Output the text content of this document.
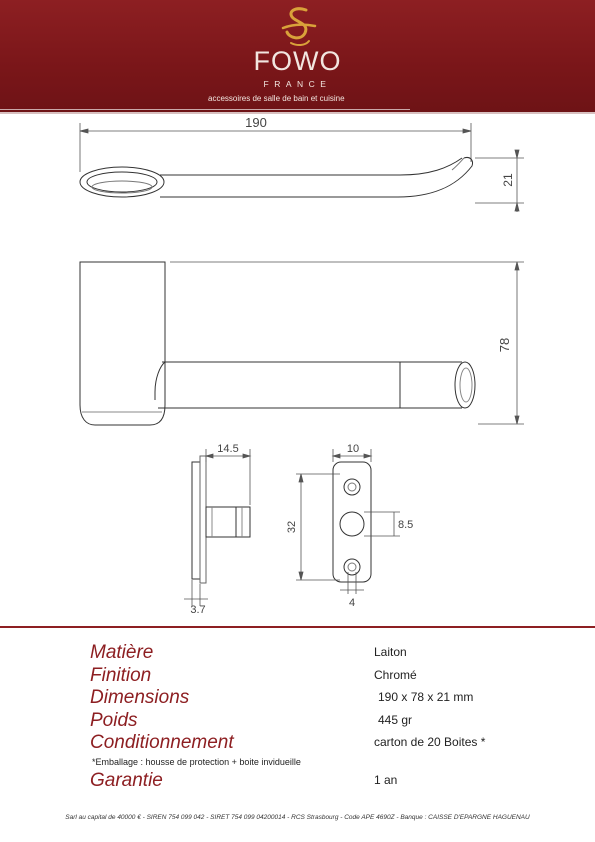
FOWO
FRANCE
accessoires de salle de bain et cuisine
190
21
78
14.5
3.7
10
32	8.5
4
Matière	Laiton
Finition	Chromé
Dimensions	190 x 78 x 21 mm
Poids	445 gr
Conditionnement	carton de 20 Boites *
*Emballage : housse de protection + boite invidueille
Garantie	1 an
Sarl au capital de 40000 € - SIREN 754 099 042 - SIRET 754 099 04200014 - RCS Strasbourg - Code APE 4690Z - Banque : CAISSE D'EPARGNE HAGUENAU
